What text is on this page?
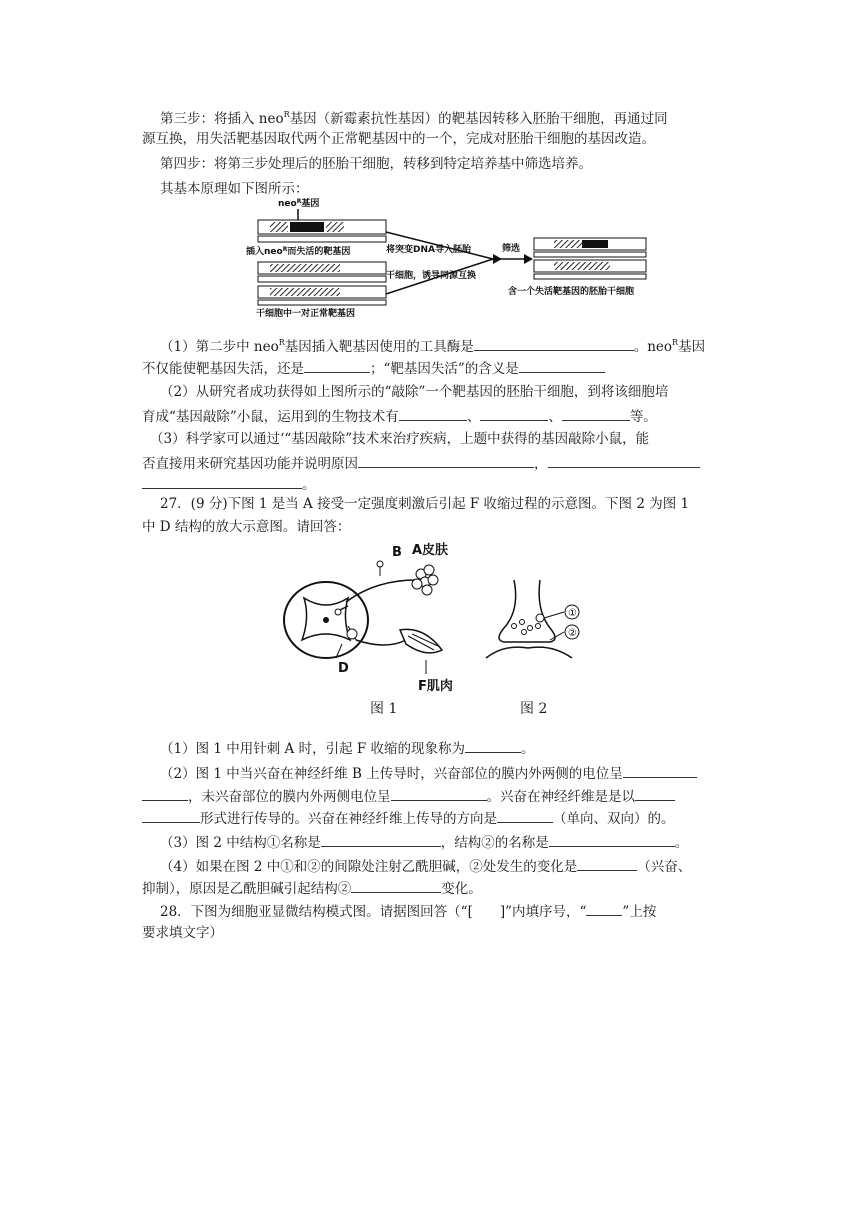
第三步：将插入 neo$^R$基因（新霉素抗性基因）的靶基因转移入胚胎干细胞，再通过同
源互换，用失活靶基因取代两个正常靶基因中的一个，完成对胚胎干细胞的基因改造。
第四步：将第三步处理后的胚胎干细胞，转移到特定培养基中筛选培养。
其基本原理如下图所示：
neo$^R$基因
插入neo$^R$而失活的靶基因
干细胞中一对正常靶基因
将突变DNA导入胚胎
干细胞，诱导同源互换
筛选
含一个失活靶基因的胚胎干细胞
（1）第二步中 neo$^R$基因插入靶基因使用的工具酶是	。neo$^R$基因
不仅能使靶基因失活，还是	；“靶基因失活”的含义是
（2）从研究者成功获得如上图所示的“敲除”一个靶基因的胚胎干细胞，到将该细胞培
育成“基因敲除”小鼠，运用到的生物技术有	、	、	等。
（3）科学家可以通过‘“基因敲除”技术来治疗疾病，上题中获得的基因敲除小鼠，能
否直接用来研究基因功能并说明原因	，
。
27．(9 分)下图 1 是当 A 接受一定强度刺激后引起 F 收缩过程的示意图。下图 2 为图 1
中 D 结构的放大示意图。请回答：
B A皮肤
D
F肌肉
①
②
图 1	图 2
（1）图 1 中用针刺 A 时，引起 F 收缩的现象称为	。
（2）图 1 中当兴奋在神经纤维 B 上传导时，兴奋部位的膜内外两侧的电位呈
，未兴奋部位的膜内外两侧电位呈	。兴奋在神经纤维是是以
形式进行传导的。兴奋在神经纤维上传导的方向是	（单向、双向）的。
（3）图 2 中结构①名称是	，结构②的名称是	。
（4）如果在图 2 中①和②的间隙处注射乙酰胆碱，②处发生的变化是	（兴奋、
抑制），原因是乙酰胆碱引起结构②	变化。
28．下图为细胞亚显微结构模式图。请据图回答（“[　　]”内填序号，“	”上按
要求填文字）
